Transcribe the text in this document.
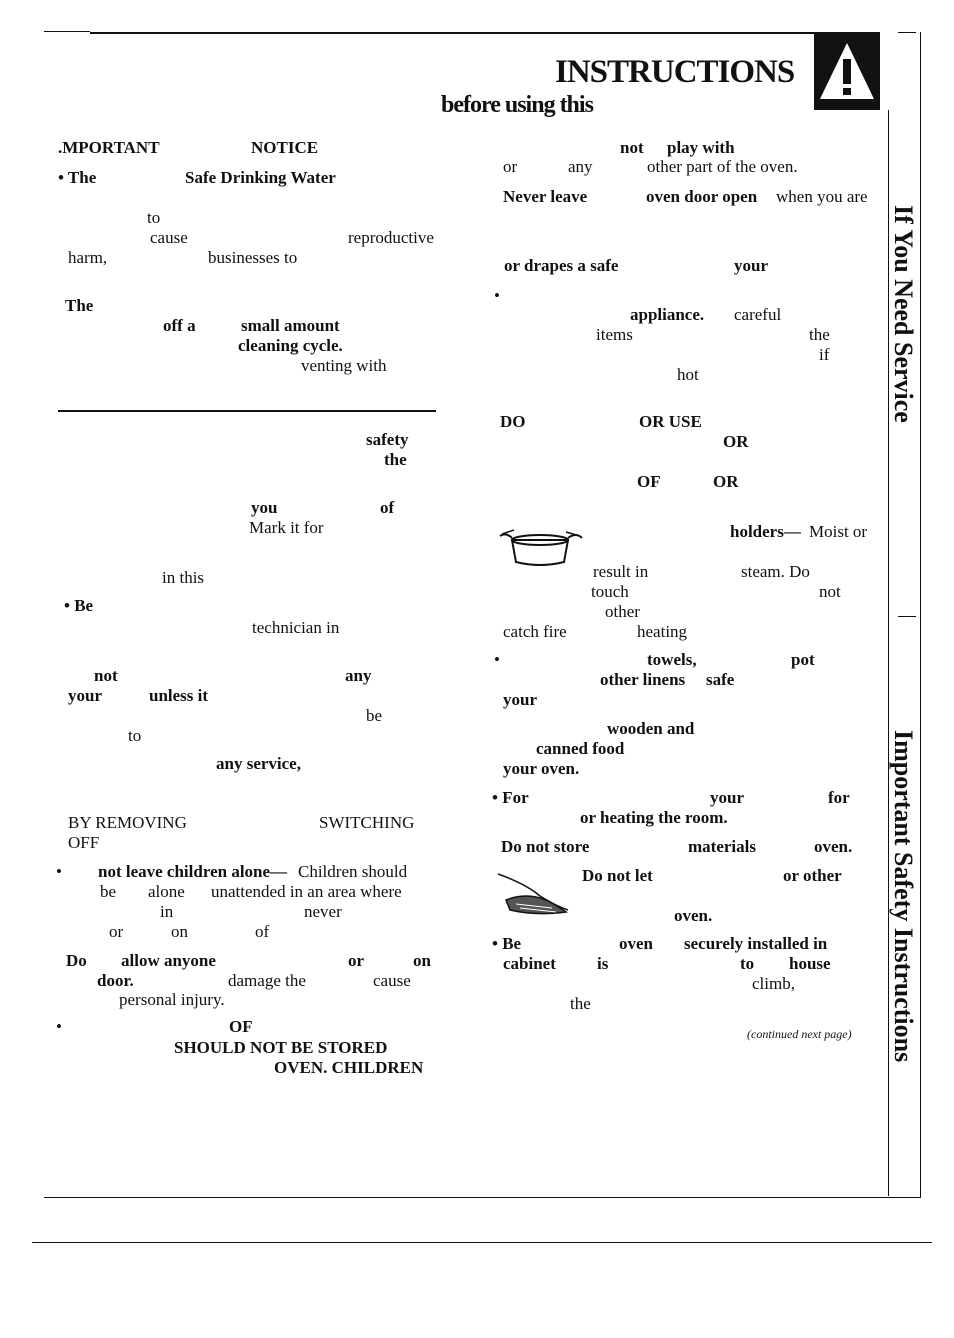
INSTRUCTIONS
before using this
If You Need Service
Important Safety Instructions
.MPORTANT	NOTICE
• The	Safe Drinking Water
to
cause	reproductive
harm,	businesses to
The
off a	small amount
cleaning cycle.
venting with
safety
the
you	of
Mark it for
in this
• Be
technician in
not	any
your	unless it
be
to
any service,
BY REMOVING	SWITCHING
OFF
• not leave children alone— Children should
be alone unattended in an area where
in	never
or	on	of
Do allow anyone	or	on
door.	damage the	cause
personal injury.
•	OF
SHOULD NOT BE STORED
OVEN. CHILDREN
not play with
or	any	other part of the oven.
Never leave	oven door open when you are
or drapes a safe	your
•
appliance. careful
items	the
if
hot
DO	OR USE
OR
OF	OR
holders— Moist or
result in	steam. Do
touch	not
other
catch fire	heating
•	towels,	pot
other linens safe
your
wooden and
canned food
your oven.
• For	your	for
or heating the room.
Do not store	materials	oven.
Do not let	or other
oven.
• Be	oven securely installed in
cabinet is	to house
climb,
the
(continued next page)
